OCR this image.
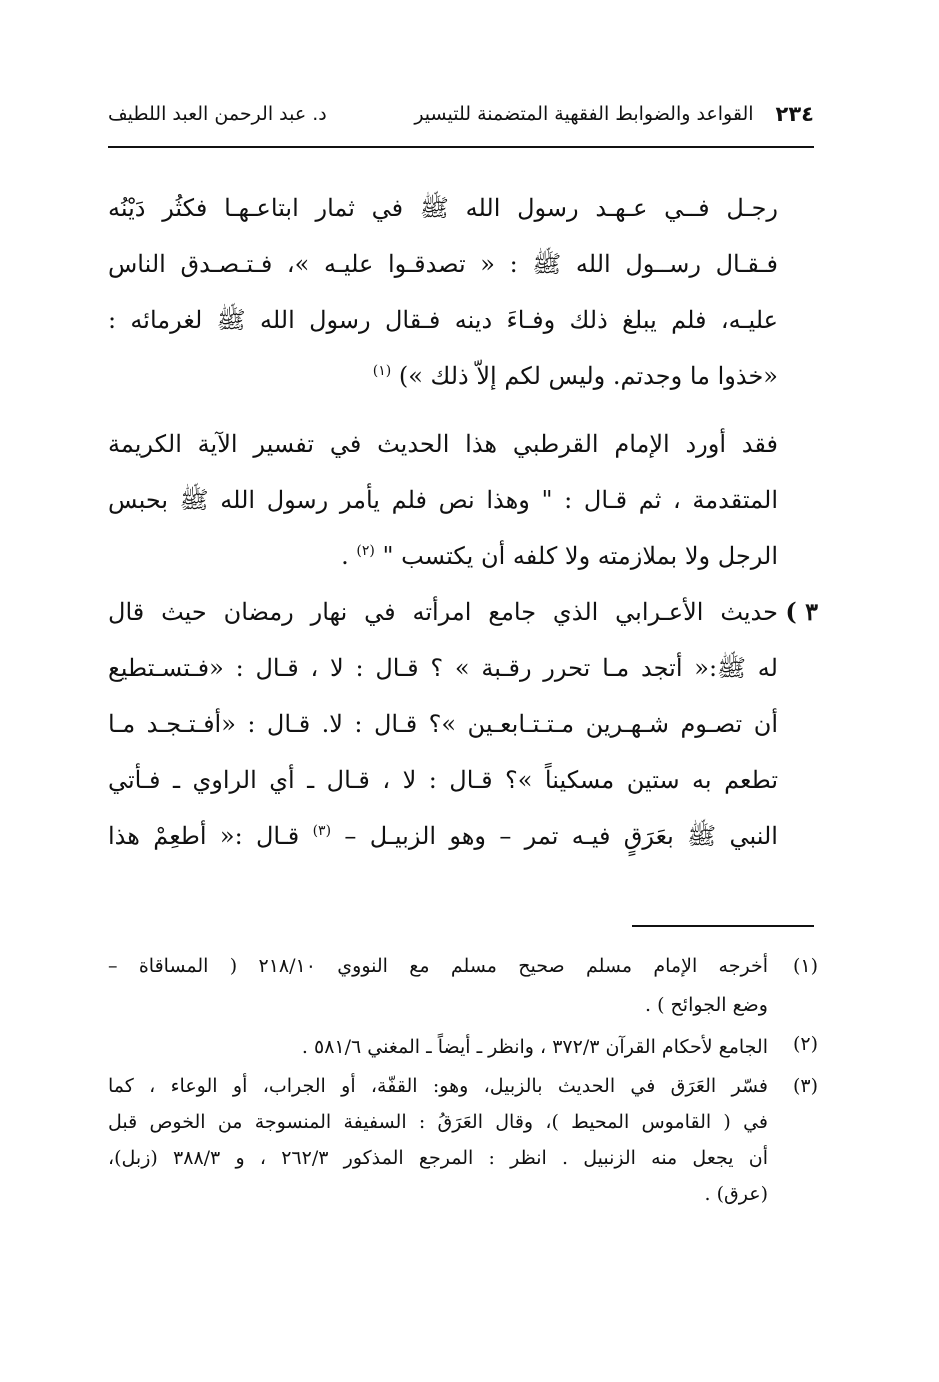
٢٣٤
القواعد والضوابط الفقهية المتضمنة للتيسير
د. عبد الرحمن العبد اللطيف
رجـل فــي عـهـد رسول الله ﷺ في ثمار ابتاعـهـا فكثُر دَيْنُه
فـقـال رســول الله ﷺ : « تصدقـوا عليـه »، فـتـصـدق الناس
عليـه، فلم يبلغ ذلك وفـاءَ دينه فـقال رسول الله ﷺ لغرمائه :
«خذوا ما وجدتم. وليس لكم إلاّ ذلك ») $^{(١)}$
فقد أورد الإمام القرطبي هذا الحديث في تفسير الآية الكريمة
المتقدمة ، ثم قـال : " وهذا نص فلم يأمر رسول الله ﷺ بحبس
الرجل ولا بملازمته ولا كلفه أن يكتسب " $^{(٢)}$ .
٣ )
حديث الأعـرابي الذي جامع امرأته في نهار رمضان حيث قال
له ﷺ:« أتجد مـا تحرر رقـبة » ؟ قـال : لا ، قـال : «فـتسـتطيع
أن تصـوم شـهـرين مـتـتـابعـين »؟ قـال : لا. قـال : «أفـتـجـد مـا
تطعم به ستين مسكيناً »؟ قـال : لا ، قـال ـ أي الراوي ـ فـأتي
النبي ﷺ بعَرَقٍ فيـه تمر – وهو الزبيـل – $^{(٣)}$ قـال :« أطعِمْ هذا
(١)
أخرجه الإمام مسلم صحيح مسلم مع النووي ٢١٨/١٠ ( المساقاة –
وضع الجوائح ) .
(٢)
الجامع لأحكام القرآن ٣٧٢/٣ ، وانظر ـ أيضاً ـ المغني ٥٨١/٦ .
(٣)
فسّر العَرَق في الحديث بالزبيل، وهو: القفّة، أو الجراب، أو الوعاء ، كما
في ( القاموس المحيط )، وقال العَرَقُ : السفيفة المنسوجة من الخوص قبل
أن يجعل منه الزنبيل . انظر : المرجع المذكور ٢٦٢/٣ ، و ٣٨٨/٣ (زبل)،
(عرق) .
